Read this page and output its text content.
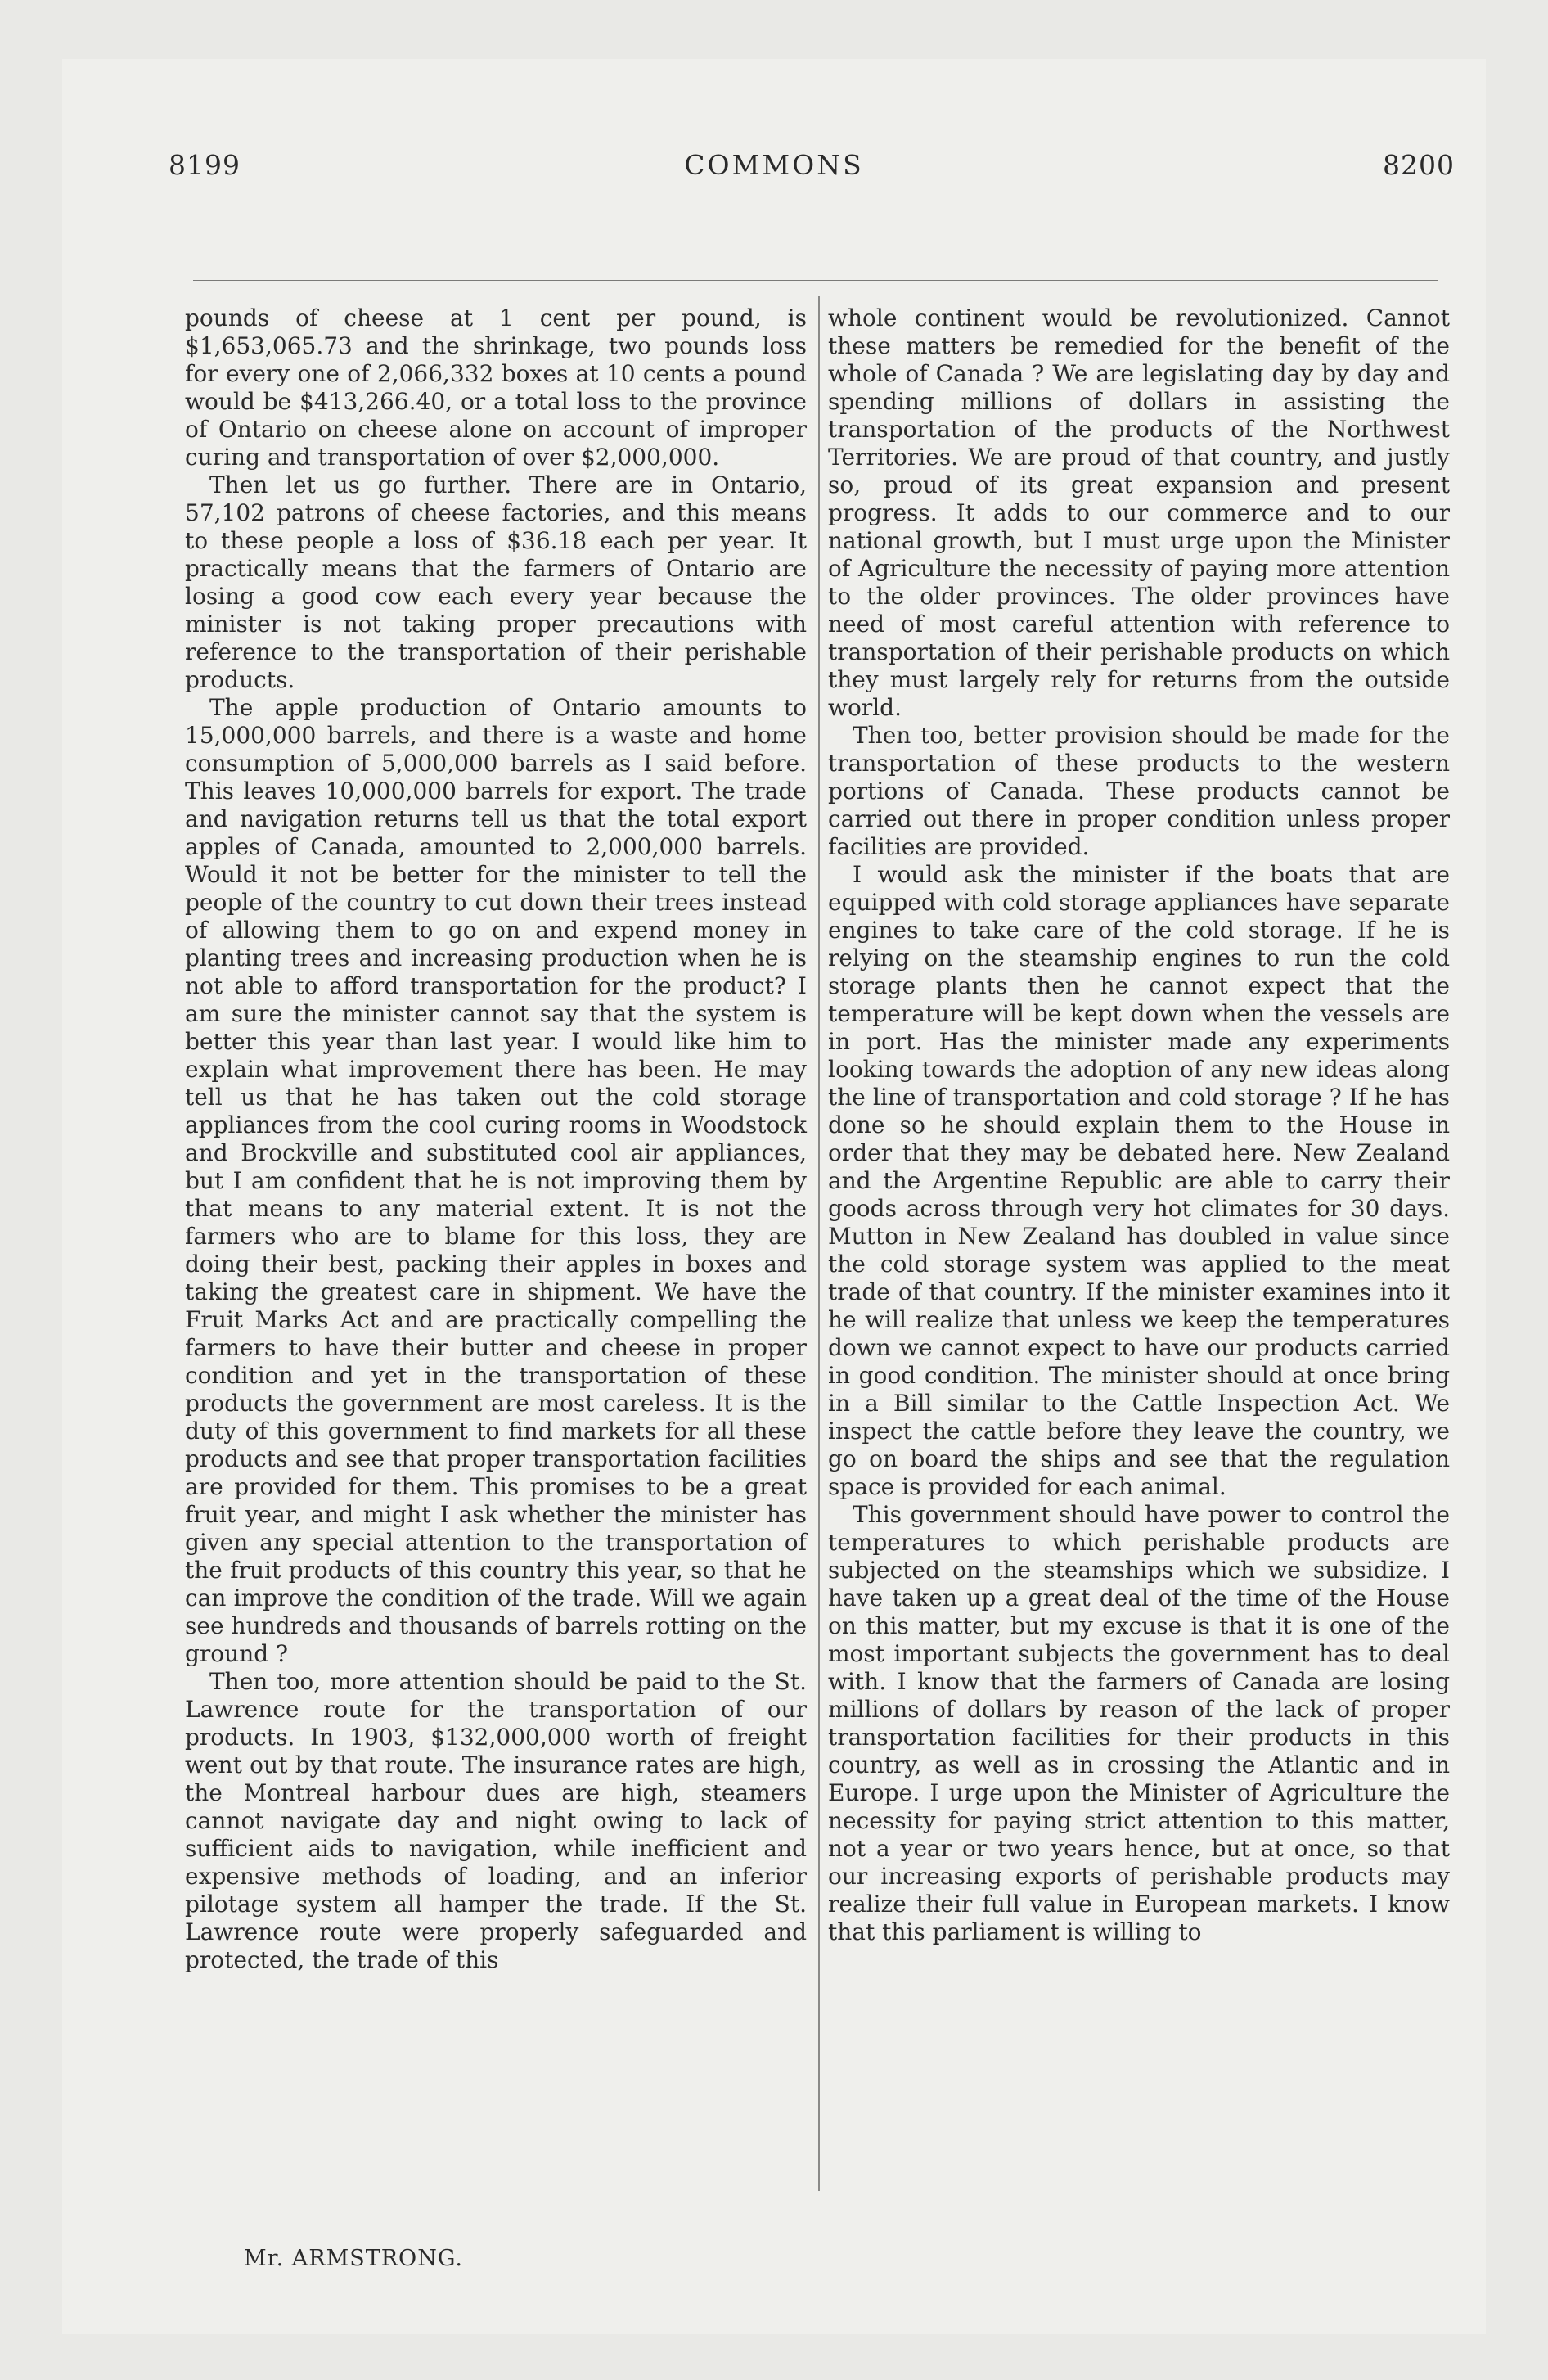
8199	COMMONS	8200

pounds of cheese at 1 cent per pound, is $1,653,065.73 and the shrinkage, two pounds loss for every one of 2,066,332 boxes at 10 cents a pound would be $413,266.40, or a total loss to the province of Ontario on cheese alone on account of improper curing and transportation of over $2,000,000.

Then let us go further. There are in Ontario, 57,102 patrons of cheese factories, and this means to these people a loss of $36.18 each per year. It practically means that the farmers of Ontario are losing a good cow each every year because the minister is not taking proper precautions with reference to the transportation of their perishable products.

The apple production of Ontario amounts to 15,000,000 barrels, and there is a waste and home consumption of 5,000,000 barrels as I said before. This leaves 10,000,000 barrels for export. The trade and navigation returns tell us that the total export apples of Canada, amounted to 2,000,000 barrels. Would it not be better for the minister to tell the people of the country to cut down their trees instead of allowing them to go on and expend money in planting trees and increasing production when he is not able to afford transportation for the product? I am sure the minister cannot say that the system is better this year than last year. I would like him to explain what improvement there has been. He may tell us that he has taken out the cold storage appliances from the cool curing rooms in Woodstock and Brockville and substituted cool air appliances, but I am confident that he is not improving them by that means to any material extent. It is not the farmers who are to blame for this loss, they are doing their best, packing their apples in boxes and taking the greatest care in shipment. We have the Fruit Marks Act and are practically compelling the farmers to have their butter and cheese in proper condition and yet in the transportation of these products the government are most careless. It is the duty of this government to find markets for all these products and see that proper transportation facilities are provided for them. This promises to be a great fruit year, and might I ask whether the minister has given any special attention to the transportation of the fruit products of this country this year, so that he can improve the condition of the trade. Will we again see hundreds and thousands of barrels rotting on the ground ?

Then too, more attention should be paid to the St. Lawrence route for the transportation of our products. In 1903, $132,000,000 worth of freight went out by that route. The insurance rates are high, the Montreal harbour dues are high, steamers cannot navigate day and night owing to lack of sufficient aids to navigation, while inefficient and expensive methods of loading, and an inferior pilotage system all hamper the trade. If the St. Lawrence route were properly safeguarded and protected, the trade of this

whole continent would be revolutionized. Cannot these matters be remedied for the benefit of the whole of Canada ? We are legislating day by day and spending millions of dollars in assisting the transportation of the products of the Northwest Territories. We are proud of that country, and justly so, proud of its great expansion and present progress. It adds to our commerce and to our national growth, but I must urge upon the Minister of Agriculture the necessity of paying more attention to the older provinces. The older provinces have need of most careful attention with reference to transportation of their perishable products on which they must largely rely for returns from the outside world.

Then too, better provision should be made for the transportation of these products to the western portions of Canada. These products cannot be carried out there in proper condition unless proper facilities are provided.

I would ask the minister if the boats that are equipped with cold storage appliances have separate engines to take care of the cold storage. If he is relying on the steamship engines to run the cold storage plants then he cannot expect that the temperature will be kept down when the vessels are in port. Has the minister made any experiments looking towards the adoption of any new ideas along the line of transportation and cold storage ? If he has done so he should explain them to the House in order that they may be debated here. New Zealand and the Argentine Republic are able to carry their goods across through very hot climates for 30 days. Mutton in New Zealand has doubled in value since the cold storage system was applied to the meat trade of that country. If the minister examines into it he will realize that unless we keep the temperatures down we cannot expect to have our products carried in good condition. The minister should at once bring in a Bill similar to the Cattle Inspection Act. We inspect the cattle before they leave the country, we go on board the ships and see that the regulation space is provided for each animal.

This government should have power to control the temperatures to which perishable products are subjected on the steamships which we subsidize. I have taken up a great deal of the time of the House on this matter, but my excuse is that it is one of the most important subjects the government has to deal with. I know that the farmers of Canada are losing millions of dollars by reason of the lack of proper transportation facilities for their products in this country, as well as in crossing the Atlantic and in Europe. I urge upon the Minister of Agriculture the necessity for paying strict attention to this matter, not a year or two years hence, but at once, so that our increasing exports of perishable products may realize their full value in European markets. I know that this parliament is willing to

Mr. ARMSTRONG.
